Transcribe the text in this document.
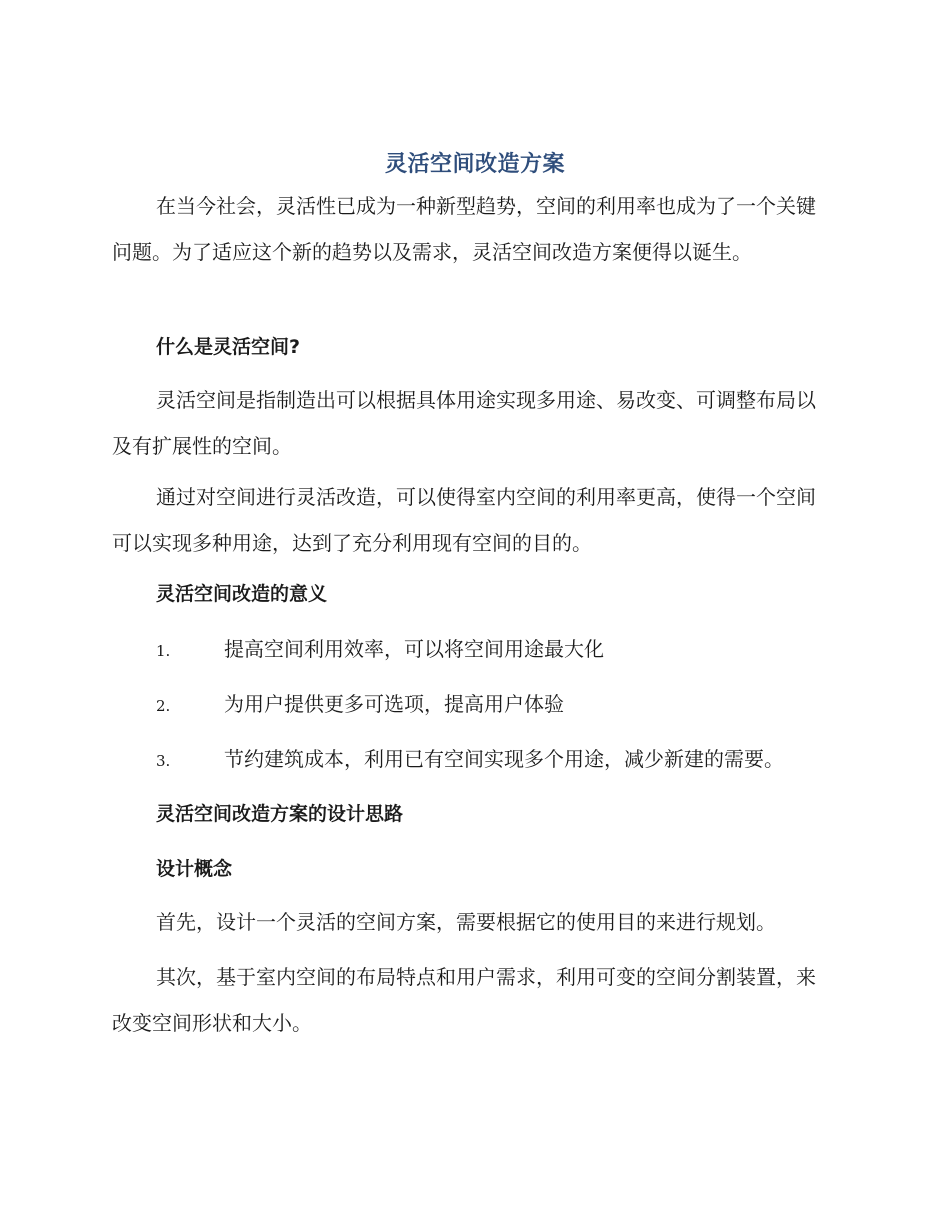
灵活空间改造方案

在当今社会，灵活性已成为一种新型趋势，空间的利用率也成为了一个关键问题。为了适应这个新的趋势以及需求，灵活空间改造方案便得以诞生。

什么是灵活空间?

灵活空间是指制造出可以根据具体用途实现多用途、易改变、可调整布局以及有扩展性的空间。

通过对空间进行灵活改造，可以使得室内空间的利用率更高，使得一个空间可以实现多种用途，达到了充分利用现有空间的目的。

灵活空间改造的意义
1.	提高空间利用效率，可以将空间用途最大化
2.	为用户提供更多可选项，提高用户体验
3.	节约建筑成本，利用已有空间实现多个用途，减少新建的需要。
灵活空间改造方案的设计思路
设计概念

首先，设计一个灵活的空间方案，需要根据它的使用目的来进行规划。

其次，基于室内空间的布局特点和用户需求，利用可变的空间分割装置，来改变空间形状和大小。
